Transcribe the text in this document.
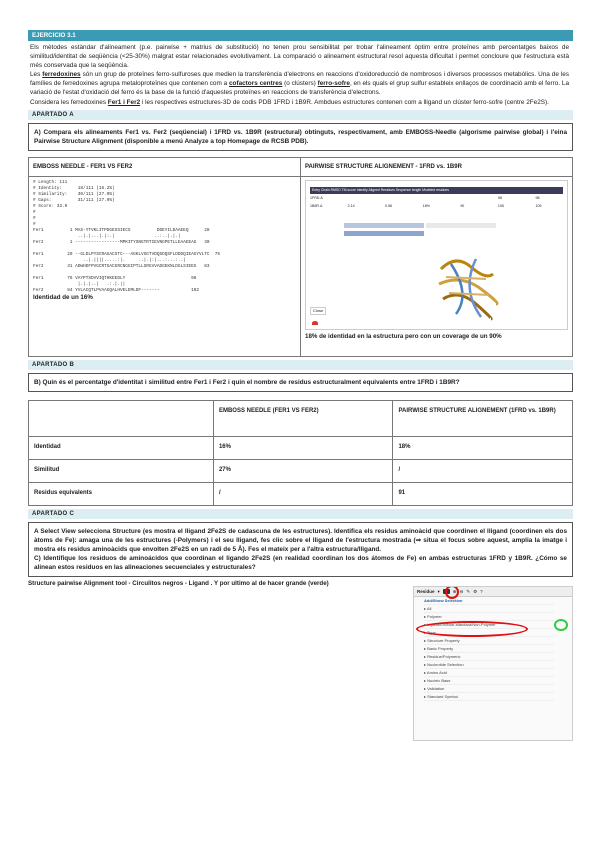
EJERCICIO 3.1

Els mètodes estàndar d'alineament (p.e. pairwise + matrius de substitució) no tenen prou sensibilitat per trobar l'alineament òptim entre proteïnes amb percentatges baixos de similitud/identitat de seqüència (<25-30%) malgrat estar relacionades evolutivament. La comparació o alineament estructural resol aquesta dificultat i permet concloure que l'estructura està més conservada que la seqüència.

Les ferredoxines són un grup de proteïnes ferro-sulfuroses que medien la transferència d'electrons en reaccions d'oxidoreducció de nombrosos i diversos processos metabòlics. Una de les famílies de ferredoxines agrupa metaloproteïnes que contenen com a cofactors centres (o clústers) ferro-sofre, en els quals el grup sulfur estableix enllaços de coordinació amb el ferro. La variació de l'estat d'oxidació del ferro és la base de la funció d'aquestes proteïnes en reaccions de transferència d'electrons.

Considera les ferredoxines Fer1 i Fer2 i les respectives estructures-3D de codis PDB 1FRD i 1B9R. Ambdues estructures contenen com a lligand un clúster ferro-sofre (centre 2Fe2S).

APARTADO A
A) Compara els alineaments Fer1 vs. Fer2 (seqüencial) i 1FRD vs. 1B9R (estructural) obtinguts, respectivament, amb EMBOSS-Needle (algorisme pairwise global) i l'eina Pairwise Structure Alignment (disponible a menú Analyze a top Homepage de RCSB PDB).
EMBOSS NEEDLE - FER1 VS FER2
# Length: 111
# Identity:      18/111 (16.2%)
# Similarity:    30/111 (27.0%)
# Gaps:          31/111 (27.9%)
# Score: 33.0
#
#
#
Fer1          1 MAS-YTVKLITPDGESSIECS          DDEYILDAAEEQ      28
..|.|...|.|:.|               ..:..|.|.|
Fer2          1 -----------------MPKITYSNGTRTIEVNGPETLLEAAEEAG   30

Fer1         29 --GLDLPYSCRAGACSTC---AGKLVSGTVDQSDQSFLDDDQIEAGYVLTC  75
..|.||||.....:|.     ..|.|:|...:...:..|
Fer2         31 ADWHDFPVGCRTGACGRCNGGIPTLLGRGVVADGEKNLDGLSIEEG   83

Fer1         76 VAYPTSDVVIQTHKEEDLY                         98
|.|.|..|   .:.|.||
Fer2         84 YVLACQTLPVAAGQALHVELEMLDF-------            102
Identidad de un 16%
PAIRWISE STRUCTURE ALIGNEMENT - 1FRD vs. 1B9R
Entry Chain RMSD TM-score Identity Aligned Residues Sequence length Modeled residues
1FRD.A	98	98
1B9R.A	2.14	0.56	18%	90	105	105
Close
18% de identidad en la estructura pero con un coverage de un 90%
APARTADO B
B) Quin és el percentatge d'identitat i similitud entre Fer1 i Fer2 i quin el nombre de residus estructuralment equivalents entre 1FRD i 1B9R?
	EMBOSS NEEDLE (FER1 VS FER2)	PAIRWISE STRUCTURE ALIGNEMENT (1FRD vs. 1B9R)
Identidad	16%	18%
Similitud	27%	/
Residus equivalents	/	91
APARTADO C
A Select View selecciona Structure (es mostra el lligand 2Fe2S de cadascuna de les estructures). Identifica els residus aminoàcid que coordinen el lligand (coordinen els dos àtoms de Fe): amaga una de les estructures (-Polymers) i el seu lligand, fes clic sobre el lligand de l'estructura mostrada (⇒ situa el focus sobre aquest, amplia la imatge i mostra els residus aminoàcids que envolten 2Fe2S en un radi de 5 Å). Fes el mateix per a l'altra estructura/lligand.
C) Identifique los residuos de aminoácidos que coordinan el ligando 2Fe2S (en realidad coordinan los dos átomos de Fe) en ambas estructuras 1FRD y 1B9R. ¿Cómo se alinean estos residuos en las alineaciones secuenciales y estructurales?
Structure pairwise Alignment tool - Circulitos negros - Ligand . Y por ultimo al de hacer grande (verde)
Residue ▾	⊕ ⊖ ✎ ⚙ ?
Add/Show Selection
▸ All
▸ Polymer
▸ Ligand/Ion/Non-standard/Non-Polymer
▸ Type
▸ Structure Property
▸ Basic Property
▸ Residue/Polymeric
▸ Nucleotide Selection
▸ Amino Acid
▸ Nucleic Base
▸ Validation
▸ Standard Symbol
